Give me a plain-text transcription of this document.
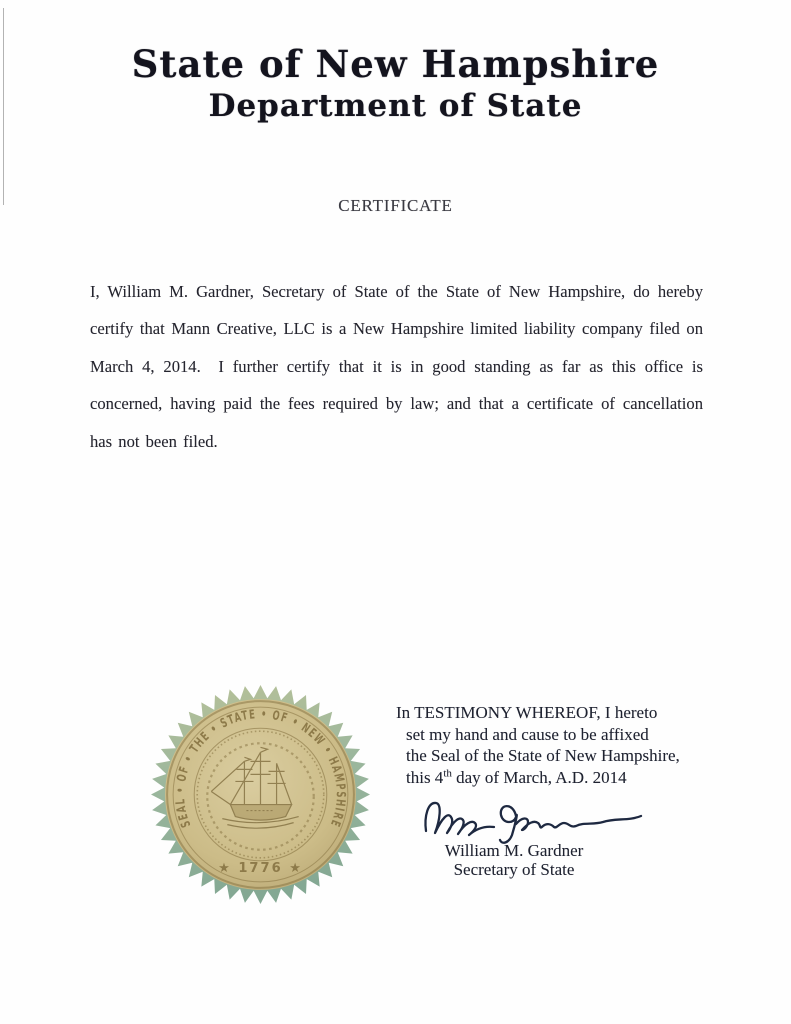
State of New Hampshire
Department of State
CERTIFICATE

I, William M. Gardner, Secretary of State of the State of New Hampshire, do hereby certify that Mann Creative, LLC is a New Hampshire limited liability company filed on March 4, 2014.  I further certify that it is in good standing as far as this office is concerned, having paid the fees required by law; and that a certificate of cancellation has not been filed.

SEAL • OF • THE • STATE • OF • NEW • HAMPSHIRE
★ 1776 ★
In TESTIMONY WHEREOF, I hereto
set my hand and cause to be affixed
the Seal of the State of New Hampshire,
this 4th day of March, A.D. 2014
William M. Gardner
Secretary of State
